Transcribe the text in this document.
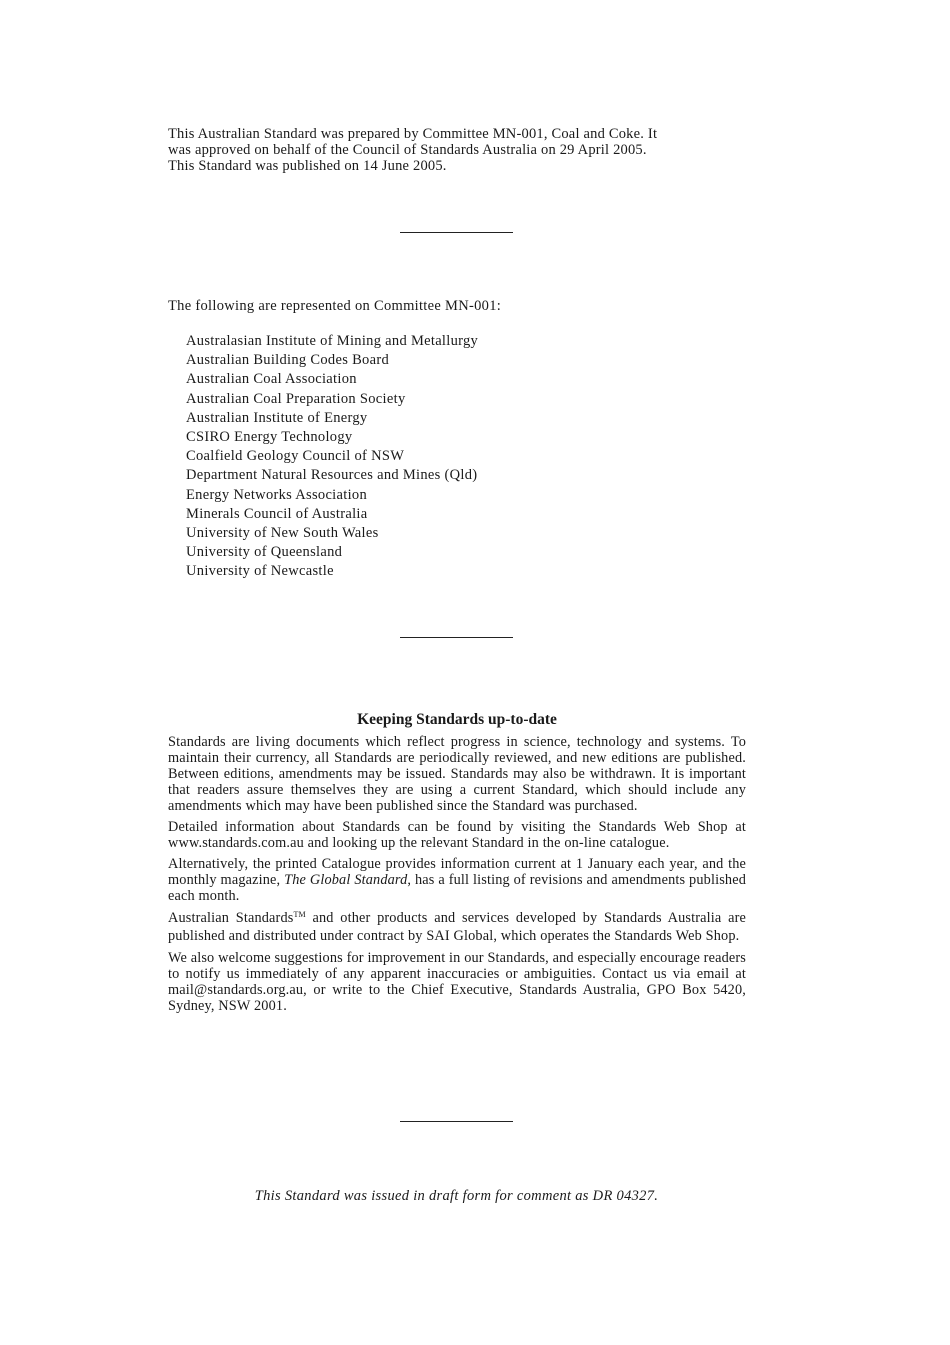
This Australian Standard was prepared by Committee MN-001, Coal and Coke. It
was approved on behalf of the Council of Standards Australia on 29 April 2005.
This Standard was published on 14 June 2005.
The following are represented on Committee MN-001:
Australasian Institute of Mining and Metallurgy
Australian Building Codes Board
Australian Coal Association
Australian Coal Preparation Society
Australian Institute of Energy
CSIRO Energy Technology
Coalfield Geology Council of NSW
Department Natural Resources and Mines (Qld)
Energy Networks Association
Minerals Council of Australia
University of New South Wales
University of Queensland
University of Newcastle
Keeping Standards up-to-date

Standards are living documents which reflect progress in science, technology and systems. To maintain their currency, all Standards are periodically reviewed, and new editions are published. Between editions, amendments may be issued. Standards may also be withdrawn. It is important that readers assure themselves they are using a current Standard, which should include any amendments which may have been published since the Standard was purchased.

Detailed information about Standards can be found by visiting the Standards Web Shop at www.standards.com.au and looking up the relevant Standard in the on-line catalogue.

Alternatively, the printed Catalogue provides information current at 1 January each year, and the monthly magazine, The Global Standard, has a full listing of revisions and amendments published each month.

Australian Standards™ and other products and services developed by Standards Australia are published and distributed under contract by SAI Global, which operates the Standards Web Shop.

We also welcome suggestions for improvement in our Standards, and especially encourage readers to notify us immediately of any apparent inaccuracies or ambiguities. Contact us via email at mail@standards.org.au, or write to the Chief Executive, Standards Australia, GPO Box 5420, Sydney, NSW 2001.

This Standard was issued in draft form for comment as DR 04327.
